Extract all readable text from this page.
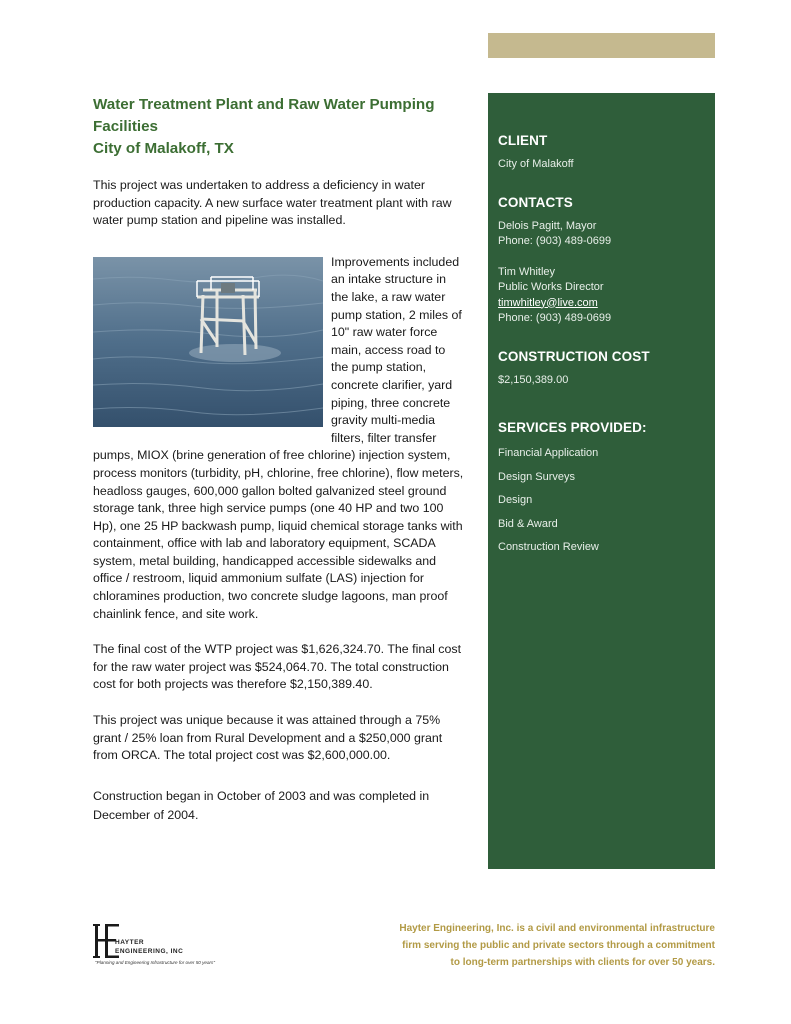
Water Treatment Plant and Raw Water Pumping
Facilities
City of Malakoff, TX

This project was undertaken to address a deficiency in water production capacity. A new surface water treatment plant with raw water pump station and pipeline was installed.

Improvements included an intake structure in the lake, a raw water pump station, 2 miles of 10" raw water force main, access road to the pump station, concrete clarifier, yard piping, three concrete gravity multi-media filters, filter transfer pumps, MIOX (brine generation of free chlorine) injection system, process monitors (turbidity, pH, chlorine, free chlorine), flow meters, headloss gauges, 600,000 gallon bolted galvanized steel ground storage tank, three high service pumps (one 40 HP and two 100 Hp), one 25 HP backwash pump, liquid chemical storage tanks with containment, office with lab and laboratory equipment, SCADA system, metal building, handicapped accessible sidewalks and office / restroom, liquid ammonium sulfate (LAS) injection for chloramines production, two concrete sludge lagoons, man proof chainlink fence, and site work.

The final cost of the WTP project was $1,626,324.70. The final cost for the raw water project was $524,064.70. The total construction cost for both projects was therefore $2,150,389.40.

This project was unique because it was attained through a 75% grant / 25% loan from Rural Development and a $250,000 grant from ORCA. The total project cost was $2,600,000.00.

Construction began in October of 2003 and was completed in December of 2004.

CLIENT

City of Malakoff

CONTACTS

Delois Pagitt, Mayor

Phone: (903) 489-0699

Tim Whitley

Public Works Director

timwhitley@live.com

Phone: (903) 489-0699

CONSTRUCTION COST

$2,150,389.00

SERVICES PROVIDED:

Financial Application

Design Surveys

Design

Bid & Award

Construction Review

HAYTER
ENGINEERING, INC
"Planning and Engineering Infrastructure for over 50 years"
Hayter Engineering, Inc. is a civil and environmental infrastructure
firm serving the public and private sectors through a commitment
to long-term partnerships with clients for over 50 years.
